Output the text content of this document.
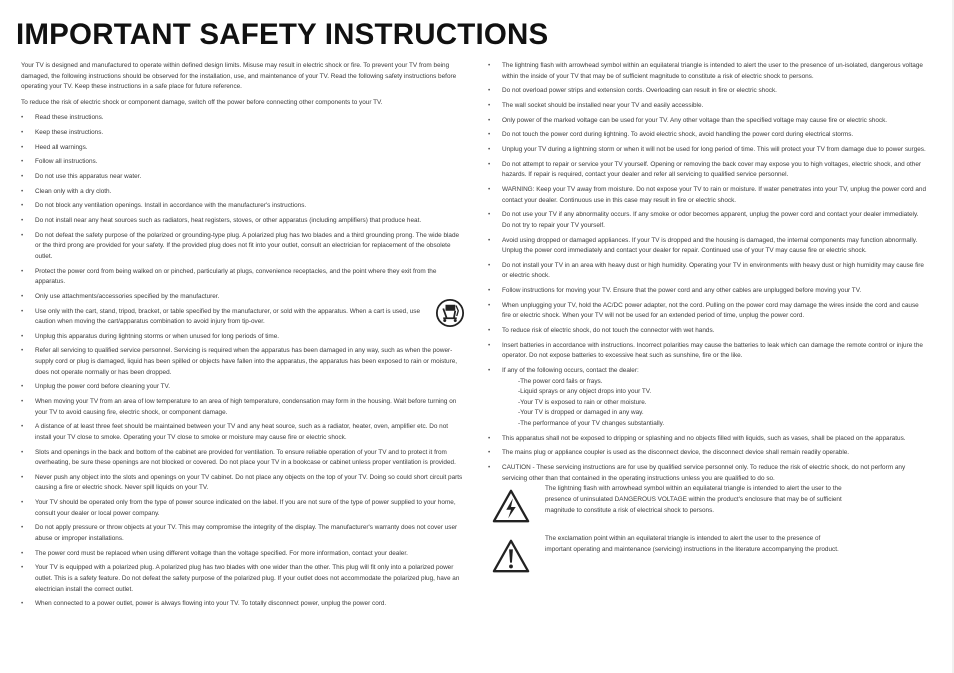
IMPORTANT SAFETY INSTRUCTIONS

Your TV is designed and manufactured to operate within defined design limits. Misuse may result in electric shock or fire. To prevent your TV from being damaged, the following instructions should be observed for the installation, use, and maintenance of your TV. Read the following safety instructions before operating your TV. Keep these instructions in a safe place for future reference.

To reduce the risk of electric shock or component damage, switch off the power before connecting other components to your TV.

• Read these instructions.
• Keep these instructions.
• Heed all warnings.
• Follow all instructions.
• Do not use this apparatus near water.
• Clean only with a dry cloth.
• Do not block any ventilation openings. Install in accordance with the manufacturer's instructions.
• Do not install near any heat sources such as radiators, heat registers, stoves, or other apparatus (including amplifiers) that produce heat.
• Do not defeat the safety purpose of the polarized or grounding-type plug. A polarized plug has two blades and a third grounding prong. The wide blade or the third prong are provided for your safety. If the provided plug does not fit into your outlet, consult an electrician for replacement of the obsolete outlet.
• Protect the power cord from being walked on or pinched, particularly at plugs, convenience receptacles, and the point where they exit from the apparatus.
• Only use attachments/accessories specified by the manufacturer.
• Use only with the cart, stand, tripod, bracket, or table specified by the manufacturer, or sold with the apparatus. When a cart is used, use caution when moving the cart/apparatus combination to avoid injury from tip-over.
• Unplug this apparatus during lightning storms or when unused for long periods of time.
• Refer all servicing to qualified service personnel. Servicing is required when the apparatus has been damaged in any way, such as when the power-supply cord or plug is damaged, liquid has been spilled or objects have fallen into the apparatus, the apparatus has been exposed to rain or moisture, does not operate normally or has been dropped.
• Unplug the power cord before cleaning your TV.
• When moving your TV from an area of low temperature to an area of high temperature, condensation may form in the housing. Wait before turning on your TV to avoid causing fire, electric shock, or component damage.
• A distance of at least three feet should be maintained between your TV and any heat source, such as a radiator, heater, oven, amplifier etc. Do not install your TV close to smoke. Operating your TV close to smoke or moisture may cause fire or electric shock.
• Slots and openings in the back and bottom of the cabinet are provided for ventilation. To ensure reliable operation of your TV and to protect it from overheating, be sure these openings are not blocked or covered. Do not place your TV in a bookcase or cabinet unless proper ventilation is provided.
• Never push any object into the slots and openings on your TV cabinet. Do not place any objects on the top of your TV. Doing so could short circuit parts causing a fire or electric shock. Never spill liquids on your TV.
• Your TV should be operated only from the type of power source indicated on the label. If you are not sure of the type of power supplied to your home, consult your dealer or local power company.
• Do not apply pressure or throw objects at your TV. This may compromise the integrity of the display. The manufacturer's warranty does not cover user abuse or improper installations.
• The power cord must be replaced when using different voltage than the voltage specified. For more information, contact your dealer.
• Your TV is equipped with a polarized plug. A polarized plug has two blades with one wider than the other. This plug will fit only into a polarized power outlet. This is a safety feature. Do not defeat the safety purpose of the polarized plug. If your outlet does not accommodate the polarized plug, have an electrician install the correct outlet.
• When connected to a power outlet, power is always flowing into your TV. To totally disconnect power, unplug the power cord.
• The lightning flash with arrowhead symbol within an equilateral triangle is intended to alert the user to the presence of un-isolated, dangerous voltage within the inside of your TV that may be of sufficient magnitude to constitute a risk of electric shock to persons.
• Do not overload power strips and extension cords. Overloading can result in fire or electric shock.
• The wall socket should be installed near your TV and easily accessible.
• Only power of the marked voltage can be used for your TV. Any other voltage than the specified voltage may cause fire or electric shock.
• Do not touch the power cord during lightning. To avoid electric shock, avoid handling the power cord during electrical storms.
• Unplug your TV during a lightning storm or when it will not be used for long period of time. This will protect your TV from damage due to power surges.
• Do not attempt to repair or service your TV yourself. Opening or removing the back cover may expose you to high voltages, electric shock, and other hazards. If repair is required, contact your dealer and refer all servicing to qualified service personnel.
• WARNING: Keep your TV away from moisture. Do not expose your TV to rain or moisture. If water penetrates into your TV, unplug the power cord and contact your dealer. Continuous use in this case may result in fire or electric shock.
• Do not use your TV if any abnormality occurs. If any smoke or odor becomes apparent, unplug the power cord and contact your dealer immediately. Do not try to repair your TV yourself.
• Avoid using dropped or damaged appliances. If your TV is dropped and the housing is damaged, the internal components may function abnormally. Unplug the power cord immediately and contact your dealer for repair. Continued use of your TV may cause fire or electric shock.
• Do not install your TV in an area with heavy dust or high humidity. Operating your TV in environments with heavy dust or high humidity may cause fire or electric shock.
• Follow instructions for moving your TV. Ensure that the power cord and any other cables are unplugged before moving your TV.
• When unplugging your TV, hold the AC/DC power adapter, not the cord. Pulling on the power cord may damage the wires inside the cord and cause fire or electric shock. When your TV will not be used for an extended period of time, unplug the power cord.
• To reduce risk of electric shock, do not touch the connector with wet hands.
• Insert batteries in accordance with instructions. Incorrect polarities may cause the batteries to leak which can damage the remote control or injure the operator. Do not expose batteries to excessive heat such as sunshine, fire or the like.
• If any of the following occurs, contact the dealer:
-The power cord fails or frays.
-Liquid sprays or any object drops into your TV.
-Your TV is exposed to rain or other moisture.
-Your TV is dropped or damaged in any way.
-The performance of your TV changes substantially.
• This apparatus shall not be exposed to dripping or splashing and no objects filled with liquids, such as vases, shall be placed on the apparatus.
• The mains plug or appliance coupler is used as the disconnect device, the disconnect device shall remain readily operable.
• CAUTION - These servicing instructions are for use by qualified service personnel only. To reduce the risk of electric shock, do not perform any servicing other than that contained in the operating instructions unless you are qualified to do so.
The lightning flash with arrowhead symbol within an equilateral triangle is intended to alert the user to the presence of uninsulated DANGEROUS VOLTAGE within the product's enclosure that may be of sufficient magnitude to constitute a risk of electrical shock to persons.
The exclamation point within an equilateral triangle is intended to alert the user to the presence of important operating and maintenance (servicing) instructions in the literature accompanying the product.
